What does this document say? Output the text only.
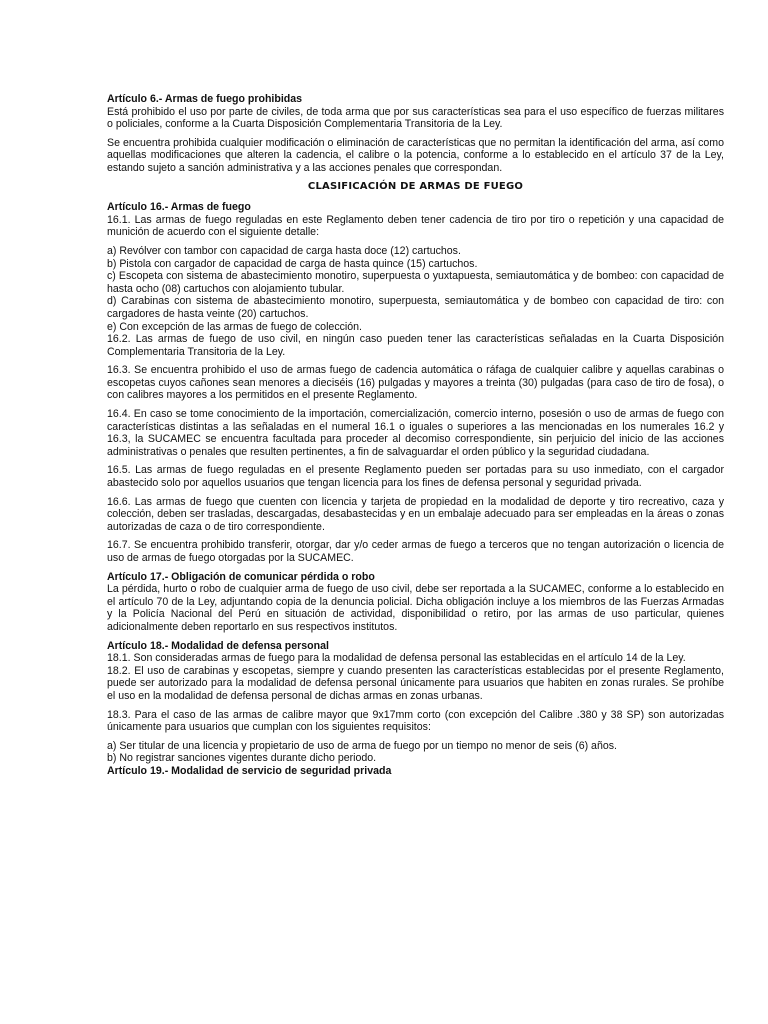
Artículo 6.- Armas de fuego prohibidas
Está prohibido el uso por parte de civiles, de toda arma que por sus características sea para el uso específico de fuerzas militares o policiales, conforme a la Cuarta Disposición Complementaria Transitoria de la Ley.
Se encuentra prohibida cualquier modificación o eliminación de características que no permitan la identificación del arma, así como aquellas modificaciones que alteren la cadencia, el calibre o la potencia, conforme a lo establecido en el artículo 37 de la Ley, estando sujeto a sanción administrativa y a las acciones penales que correspondan.
CLASIFICACIÓN DE ARMAS DE FUEGO
Artículo 16.- Armas de fuego
16.1. Las armas de fuego reguladas en este Reglamento deben tener cadencia de tiro por tiro o repetición y una capacidad de munición de acuerdo con el siguiente detalle:
a) Revólver con tambor con capacidad de carga hasta doce (12) cartuchos.
b) Pistola con cargador de capacidad de carga de hasta quince (15) cartuchos.
c) Escopeta con sistema de abastecimiento monotiro, superpuesta o yuxtapuesta, semiautomática y de bombeo: con capacidad de hasta ocho (08) cartuchos con alojamiento tubular.
d) Carabinas con sistema de abastecimiento monotiro, superpuesta, semiautomática y de bombeo con capacidad de tiro: con cargadores de hasta veinte (20) cartuchos.
e) Con excepción de las armas de fuego de colección.
16.2. Las armas de fuego de uso civil, en ningún caso pueden tener las características señaladas en la Cuarta Disposición Complementaria Transitoria de la Ley.
16.3. Se encuentra prohibido el uso de armas fuego de cadencia automática o ráfaga de cualquier calibre y aquellas carabinas o escopetas cuyos cañones sean menores a dieciséis (16) pulgadas y mayores a treinta (30) pulgadas (para caso de tiro de fosa), o con calibres mayores a los permitidos en el presente Reglamento.
16.4. En caso se tome conocimiento de la importación, comercialización, comercio interno, posesión o uso de armas de fuego con características distintas a las señaladas en el numeral 16.1 o iguales o superiores a las mencionadas en los numerales 16.2 y 16.3, la SUCAMEC se encuentra facultada para proceder al decomiso correspondiente, sin perjuicio del inicio de las acciones administrativas o penales que resulten pertinentes, a fin de salvaguardar el orden público y la seguridad ciudadana.
16.5. Las armas de fuego reguladas en el presente Reglamento pueden ser portadas para su uso inmediato, con el cargador abastecido solo por aquellos usuarios que tengan licencia para los fines de defensa personal y seguridad privada.
16.6. Las armas de fuego que cuenten con licencia y tarjeta de propiedad en la modalidad de deporte y tiro recreativo, caza y colección, deben ser trasladas, descargadas, desabastecidas y en un embalaje adecuado para ser empleadas en la áreas o zonas autorizadas de caza o de tiro correspondiente.
16.7. Se encuentra prohibido transferir, otorgar, dar y/o ceder armas de fuego a terceros que no tengan autorización o licencia de uso de armas de fuego otorgadas por la SUCAMEC.
Artículo 17.- Obligación de comunicar pérdida o robo
La pérdida, hurto o robo de cualquier arma de fuego de uso civil, debe ser reportada a la SUCAMEC, conforme a lo establecido en el artículo 70 de la Ley, adjuntando copia de la denuncia policial. Dicha obligación incluye a los miembros de las Fuerzas Armadas y la Policía Nacional del Perú en situación de actividad, disponibilidad o retiro, por las armas de uso particular, quienes adicionalmente deben reportarlo en sus respectivos institutos.
Artículo 18.- Modalidad de defensa personal
18.1. Son consideradas armas de fuego para la modalidad de defensa personal las establecidas en el artículo 14 de la Ley.
18.2. El uso de carabinas y escopetas, siempre y cuando presenten las características establecidas por el presente Reglamento, puede ser autorizado para la modalidad de defensa personal únicamente para usuarios que habiten en zonas rurales. Se prohíbe el uso en la modalidad de defensa personal de dichas armas en zonas urbanas.
18.3. Para el caso de las armas de calibre mayor que 9x17mm corto (con excepción del Calibre .380 y 38 SP) son autorizadas únicamente para usuarios que cumplan con los siguientes requisitos:
a) Ser titular de una licencia y propietario de uso de arma de fuego por un tiempo no menor de seis (6) años.
b) No registrar sanciones vigentes durante dicho periodo.
Artículo 19.- Modalidad de servicio de seguridad privada
